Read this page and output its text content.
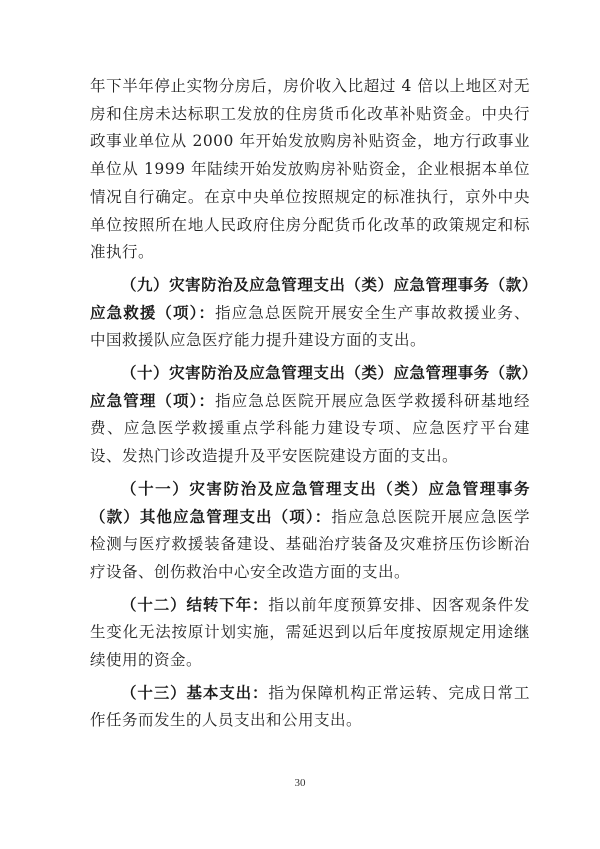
年下半年停止实物分房后，房价收入比超过 4 倍以上地区对无房和住房未达标职工发放的住房货币化改革补贴资金。中央行政事业单位从 2000 年开始发放购房补贴资金，地方行政事业单位从 1999 年陆续开始发放购房补贴资金，企业根据本单位情况自行确定。在京中央单位按照规定的标准执行，京外中央单位按照所在地人民政府住房分配货币化改革的政策规定和标准执行。

（九）灾害防治及应急管理支出（类）应急管理事务（款）应急救援（项）：指应急总医院开展安全生产事故救援业务、中国救援队应急医疗能力提升建设方面的支出。

（十）灾害防治及应急管理支出（类）应急管理事务（款）应急管理（项）：指应急总医院开展应急医学救援科研基地经费、应急医学救援重点学科能力建设专项、应急医疗平台建设、发热门诊改造提升及平安医院建设方面的支出。

（十一）灾害防治及应急管理支出（类）应急管理事务（款）其他应急管理支出（项）：指应急总医院开展应急医学检测与医疗救援装备建设、基础治疗装备及灾难挤压伤诊断治疗设备、创伤救治中心安全改造方面的支出。

（十二）结转下年：指以前年度预算安排、因客观条件发生变化无法按原计划实施，需延迟到以后年度按原规定用途继续使用的资金。

（十三）基本支出：指为保障机构正常运转、完成日常工作任务而发生的人员支出和公用支出。

30
